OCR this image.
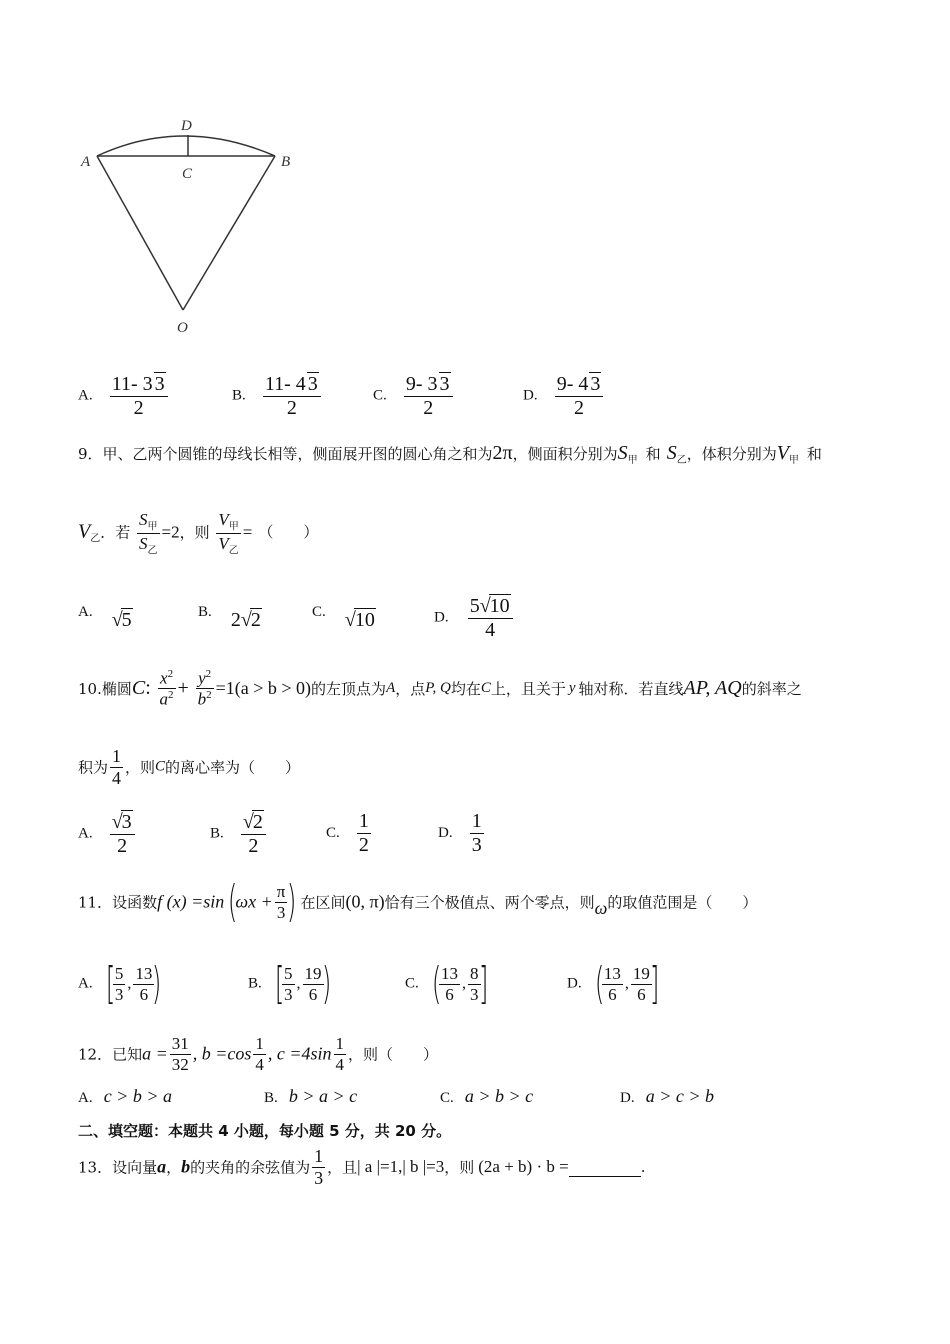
A	B
C
D
O
A. $\frac{11- 3 3}{2}$	B. $\frac{11- 4 3}{2}$	C. $\frac{9- 3 3}{2}$	D. $\frac{9- 4 3}{2}$
9．甲、乙两个圆锥的母线长相等，侧面展开图的圆心角之和为2π，侧面积分别为$S_甲$ 和 $S_乙$，体积分别为$V_甲$ 和
$V_乙$．若 $\frac{S_甲}{S_乙} =2$，则 $\frac{V_甲}{V_乙}$ = （　　）
A. √5	B. 2√2	C. √10	D. $\frac{5√10}{4}$
10.椭圆C: $\frac{x^2}{a^2} + \frac{y^2}{b^2} =1(a > b > 0)$的左顶点为A，点P, Q均在C上，且关于 y 轴对称．若直线AP, AQ的斜率之
积为 $\frac{1}{4}$ ，则C的离心率为（　　）
A. $\frac{√3}{2}$	B. $\frac{√2}{2}$	C. $\frac{1}{2}$	D. $\frac{1}{3}$
11．设函数f $(x) =\sin(\omega x + \frac{\pi}{3}$ ) 在区间(0, π)恰有三个极值点、两个零点，则ω的取值范围是（　　）
A. [
$\frac{5}{3}$ , $\frac{13}{6}$
)	B. [
$\frac{5}{3}$ , $\frac{19}{6}$
)	C. (
$\frac{13}{6}$ , $\frac{8}{3}$
]	D. (
$\frac{13}{6}$ , $\frac{19}{6}$
]
12．已知$a = \frac{31}{32}$ , $b =\cos \frac{1}{4}$ , $c =4\sin \frac{1}{4}$ ，则（　　）
A. c > b > a	B. b > a > c	C. a > b > c	D. a > c > b
二、填空题：本题共 4 小题，每小题 5 分，共 20 分。
13．设向量a，b的夹角的余弦值为 $\frac{1}{3}$ ，且| a |=1,| b |=3，则 (2a + b) · b =	.
